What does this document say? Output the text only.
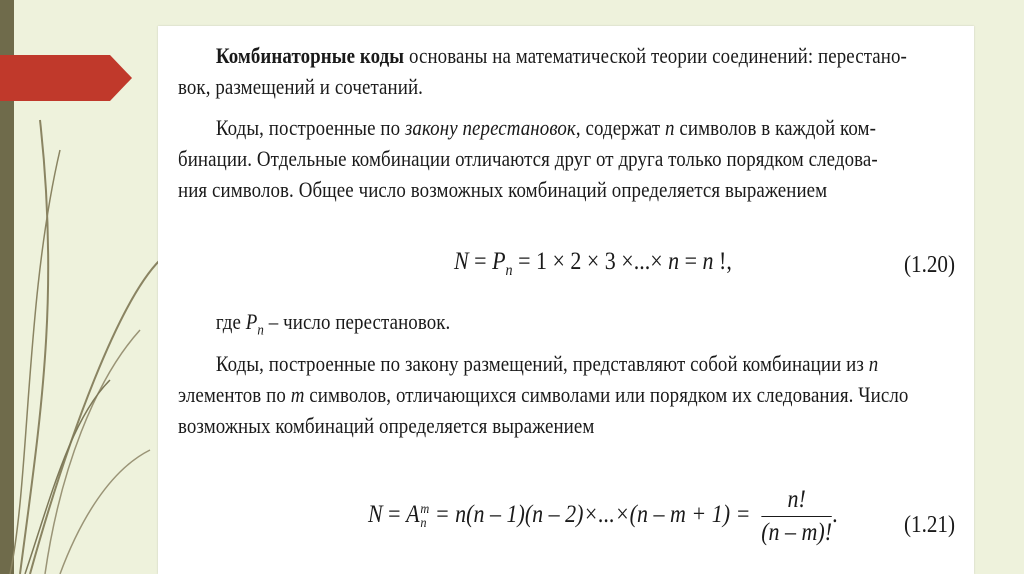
Комбинаторные коды основаны на математической теории соединений: перестано-
вок, размещений и сочетаний.
Коды, построенные по закону перестановок, содержат n символов в каждой ком-
бинации. Отдельные комбинации отличаются друг от друга только порядком следова-
ния символов. Общее число возможных комбинаций определяется выражением
$N = P_n = 1 \times 2 \times 3$ ×...× n = n !,	(1.20)
где $P_n$ – число перестановок.
Коды, построенные по закону размещений, представляют собой комбинации из n
элементов по m символов, отличающихся символами или порядком их следования. Число
возможных комбинаций определяется выражением
N = A m
$n = n(n - 1)(n - 2)\times...\times(n - m + 1) = \frac{n!}{(n - m)!}$ .	(1.21)
